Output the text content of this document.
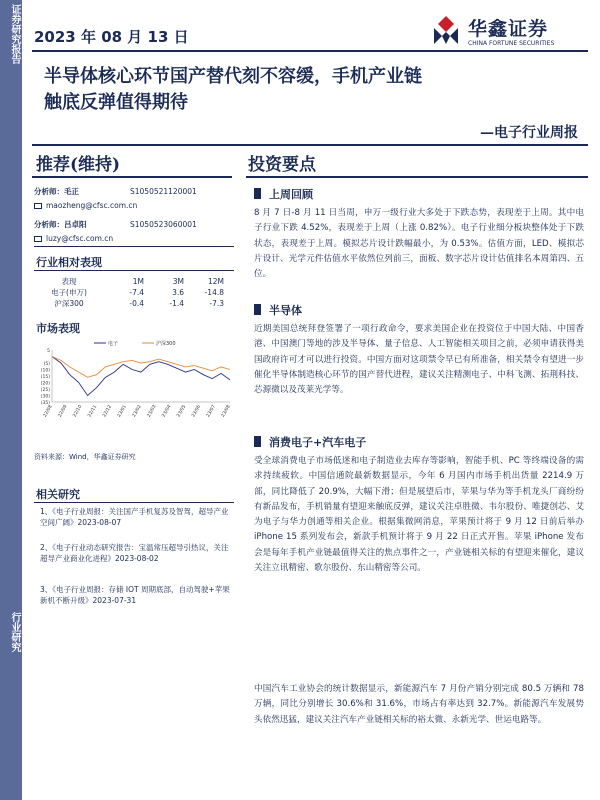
证券研究报告
行业研究
2023 年 08 月 13 日	华鑫证券
CHINA FORTUNE SECURITIES
半导体核心环节国产替代刻不容缓，手机产业链
触底反弹值得期待
—电子行业周报
推荐(维持)	投资要点
分析师：毛正	S1050521120001
maozheng@cfsc.com.cn
分析师：吕卓阳	S1050523060001
luzy@cfsc.com.cn
行业相对表现
表现	1M	3M	12M
电子(申万)	-7.4	3.6	-14.8
沪深300	-0.4	-1.4	-7.3
市场表现
5
(5)
(10)
(15)
(20)
(25)
(30)
(35)
电子	沪深300
22/08 22/09 22/10 22/11 22/12 23/01 23/02 23/03 23/04 23/05 23/06 23/07 23/08
资料来源：Wind，华鑫证券研究
相关研究
1、《电子行业周报：关注国产手机复苏及智驾，超导产业空间广阔》2023-08-07
2、《电子行业动态研究报告：宝温常压超导引热议，关注超导产业商业化进程》2023-08-02
3、《电子行业周报：存储 IOT 周期底部，自动驾驶+苹果新机不断升级》2023-07-31
上周回顾
8 月 7 日-8 月 11 日当周，申万一级行业大多处于下跌态势，表现差于上周。其中电子行业下跌 4.52%，表现差于上周（上涨 0.82%）。电子行业细分板块整体处于下跌状态，表现差于上周。模拟芯片设计跌幅最小，为 0.53%。估值方面，LED、模拟芯片设计、光学元件估值水平依然位列前三，面板、数字芯片设计估值排名本周第四、五位。
半导体
近期美国总统拜登签署了一项行政命令，要求美国企业在投资位于中国大陆、中国香港、中国澳门等地的涉及半导体、量子信息、人工智能相关项目之前，必须申请获得美国政府许可才可以进行投资。中国方面对这项禁令早已有所准备，相关禁令有望进一步催化半导体制造核心环节的国产替代进程，建议关注精测电子、中科飞测、拓荆科技、芯源微以及茂莱光学等。
消费电子+汽车电子
受全球消费电子市场低迷和电子制造业去库存等影响，智能手机、PC 等终端设备的需求持续疲软。中国信通院最新数据显示，今年 6 月国内市场手机出货量 2214.9 万部，同比降低了 20.9%，大幅下滑；但是展望后市，苹果与华为等手机龙头厂商纷纷有新品发布，手机销量有望迎来触底反弹，建议关注卓胜微、韦尔股份、唯捷创芯、艾为电子与华力创通等相关企业。根据集微网消息，苹果预计将于 9 月 12 日前后举办 iPhone 15 系列发布会，新款手机预计将于 9 月 22 日正式开售。苹果 iPhone 发布会是每年手机产业链最值得关注的焦点事件之一，产业链相关标的有望迎来催化，建议关注立讯精密、歌尔股份、东山精密等公司。
中国汽车工业协会的统计数据显示，新能源汽车 7 月份产销分别完成 80.5 万辆和 78 万辆，同比分别增长 30.6%和 31.6%，市场占有率达到 32.7%。新能源汽车发展势头依然迅猛，建议关注汽车产业链相关标的裕太微、永新光学、世运电路等。
